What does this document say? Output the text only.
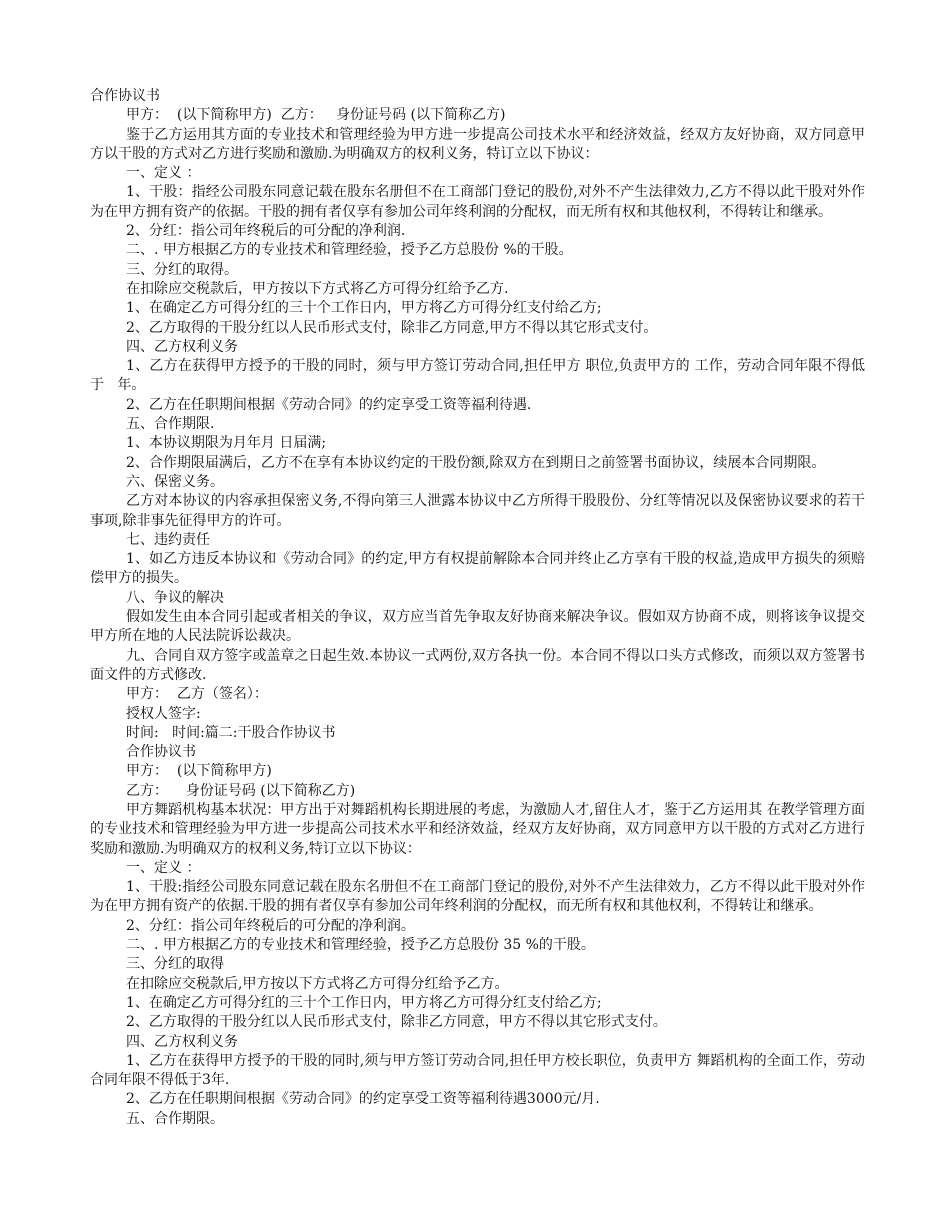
合作协议书

甲方：  (以下简称甲方)  乙方：   身份证号码 (以下简称乙方)

鉴于乙方运用其方面的专业技术和管理经验为甲方进一步提高公司技术水平和经济效益，经双方友好协商，双方同意甲方以干股的方式对乙方进行奖励和激励.为明确双方的权利义务，特订立以下协议：

一、定义 ：

1、干股：指经公司股东同意记载在股东名册但不在工商部门登记的股份,对外不产生法律效力,乙方不得以此干股对外作为在甲方拥有资产的依据。干股的拥有者仅享有参加公司年终利润的分配权，而无所有权和其他权利，不得转让和继承。

2、分红：指公司年终税后的可分配的净利润.

二、. 甲方根据乙方的专业技术和管理经验，授予乙方总股份 %的干股。

三、分红的取得。

在扣除应交税款后，甲方按以下方式将乙方可得分红给予乙方.

1、在确定乙方可得分红的三十个工作日内，甲方将乙方可得分红支付给乙方;

2、乙方取得的干股分红以人民币形式支付，除非乙方同意,甲方不得以其它形式支付。

四、乙方权利义务

1、乙方在获得甲方授予的干股的同时，须与甲方签订劳动合同,担任甲方 职位,负责甲方的 工作，劳动合同年限不得低于   年。

2、乙方在任职期间根据《劳动合同》的约定享受工资等福利待遇.

五、合作期限.

1、本协议期限为月年月 日届满;

2、合作期限届满后，乙方不在享有本协议约定的干股份额,除双方在到期日之前签署书面协议，续展本合同期限。

六、保密义务。

乙方对本协议的内容承担保密义务,不得向第三人泄露本协议中乙方所得干股股份、分红等情况以及保密协议要求的若干事项,除非事先征得甲方的许可。

七、违约责任

1、如乙方违反本协议和《劳动合同》的约定,甲方有权提前解除本合同并终止乙方享有干股的权益,造成甲方损失的须赔偿甲方的损失。

八、争议的解决

假如发生由本合同引起或者相关的争议，双方应当首先争取友好协商来解决争议。假如双方协商不成，则将该争议提交甲方所在地的人民法院诉讼裁决。

九、合同自双方签字或盖章之日起生效.本协议一式两份,双方各执一份。本合同不得以口头方式修改，而须以双方签署书面文件的方式修改.

甲方：  乙方（签名）：

授权人签字:

时间:   时间:篇二:干股合作协议书

合作协议书

甲方：  (以下简称甲方)

乙方：    身份证号码 (以下简称乙方)

甲方舞蹈机构基本状况：甲方出于对舞蹈机构长期进展的考虑，为激励人才,留住人才，鉴于乙方运用其 在教学管理方面的专业技术和管理经验为甲方进一步提高公司技术水平和经济效益，经双方友好协商，双方同意甲方以干股的方式对乙方进行奖励和激励.为明确双方的权利义务,特订立以下协议：

一、定义 ：

1、干股:指经公司股东同意记载在股东名册但不在工商部门登记的股份,对外不产生法律效力，乙方不得以此干股对外作为在甲方拥有资产的依据.干股的拥有者仅享有参加公司年终利润的分配权，而无所有权和其他权利，不得转让和继承。

2、分红：指公司年终税后的可分配的净利润。

二、. 甲方根据乙方的专业技术和管理经验，授予乙方总股份 35 %的干股。

三、分红的取得

在扣除应交税款后,甲方按以下方式将乙方可得分红给予乙方。

1、在确定乙方可得分红的三十个工作日内，甲方将乙方可得分红支付给乙方;

2、乙方取得的干股分红以人民币形式支付，除非乙方同意，甲方不得以其它形式支付。

四、乙方权利义务

1、乙方在获得甲方授予的干股的同时,须与甲方签订劳动合同,担任甲方校长职位，负责甲方 舞蹈机构的全面工作，劳动合同年限不得低于3年.

2、乙方在任职期间根据《劳动合同》的约定享受工资等福利待遇3000元/月.

五、合作期限。
